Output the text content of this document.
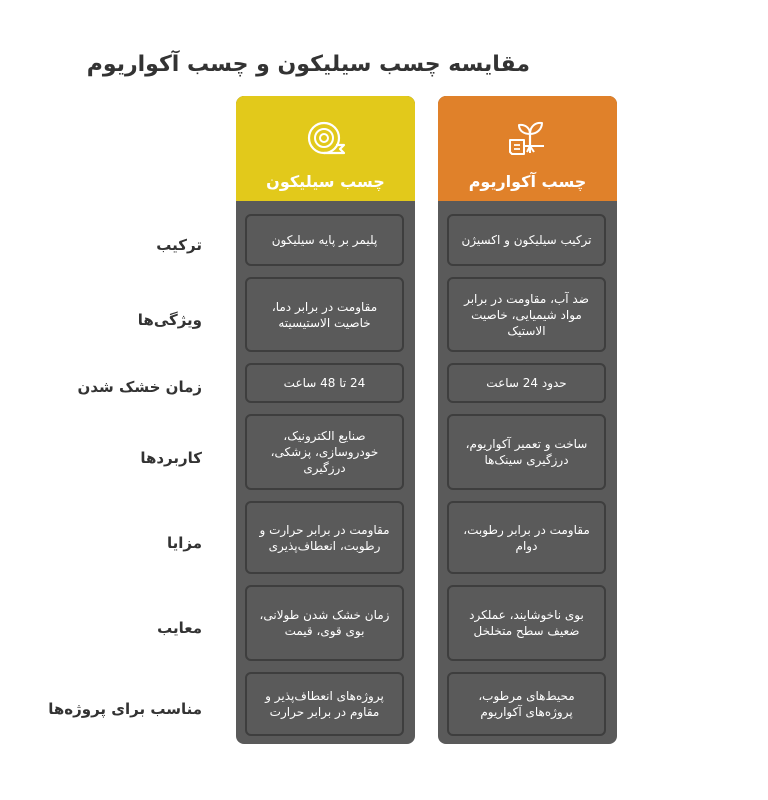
مقایسه چسب سیلیکون و چسب آکواریوم
ترکیب
ویژگی‌ها
زمان خشک شدن
کاربردها
مزایا
معایب
مناسب برای پروژه‌ها
چسب سیلیکون
پلیمر بر پایه سیلیکون
مقاومت در برابر دما، خاصیت الاستیسیته
24 تا 48 ساعت
صنایع الکترونیک، خودروسازی، پزشکی، درزگیری
مقاومت در برابر حرارت و رطوبت، انعطاف‌پذیری
زمان خشک شدن طولانی، بوی قوی، قیمت
پروژه‌های انعطاف‌پذیر و مقاوم در برابر حرارت
چسب آکواریوم
ترکیب سیلیکون و اکسیژن
ضد آب، مقاومت در برابر مواد شیمیایی، خاصیت الاستیک
حدود 24 ساعت
ساخت و تعمیر آکواریوم، درزگیری سینک‌ها
مقاومت در برابر رطوبت، دوام
بوی ناخوشایند، عملکرد ضعیف سطح متخلخل
محیط‌های مرطوب، پروژه‌های آکواریوم
